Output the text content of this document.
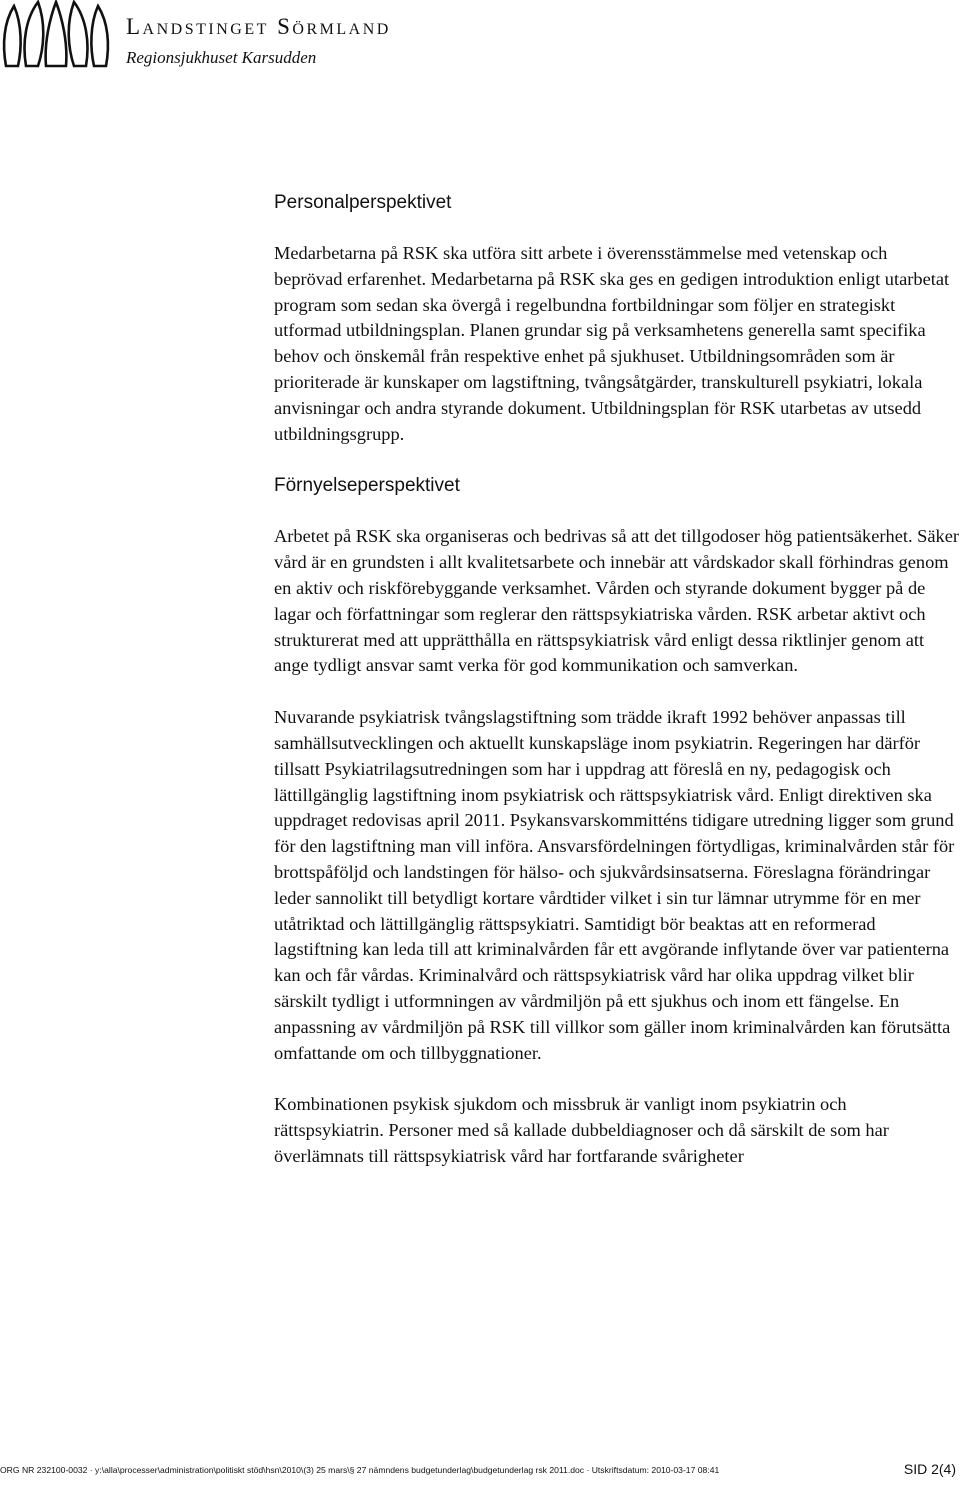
Landstinget Sörmland
Regionsjukhuset Karsudden
Personalperspektivet

Medarbetarna på RSK ska utföra sitt arbete i överensstämmelse med vetenskap och beprövad erfarenhet. Medarbetarna på RSK ska ges en gedigen introduktion enligt utarbetat program som sedan ska övergå i regelbundna fortbildningar som följer en strategiskt utformad utbildningsplan. Planen grundar sig på verksamhetens generella samt specifika behov och önskemål från respektive enhet på sjukhuset. Utbildningsområden som är prioriterade är kunskaper om lagstiftning, tvångsåtgärder, transkulturell psykiatri, lokala anvisningar och andra styrande dokument. Utbildningsplan för RSK utarbetas av utsedd utbildningsgrupp.

Förnyelseperspektivet

Arbetet på RSK ska organiseras och bedrivas så att det tillgodoser hög patientsäkerhet. Säker vård är en grundsten i allt kvalitetsarbete och innebär att vårdskador skall förhindras genom en aktiv och riskförebyggande verksamhet. Vården och styrande dokument bygger på de lagar och författningar som reglerar den rättspsykiatriska vården. RSK arbetar aktivt och strukturerat med att upprätthålla en rättspsykiatrisk vård enligt dessa riktlinjer genom att ange tydligt ansvar samt verka för god kommunikation och samverkan.

Nuvarande psykiatrisk tvångslagstiftning som trädde ikraft 1992 behöver anpassas till samhällsutvecklingen och aktuellt kunskapsläge inom psykiatrin. Regeringen har därför tillsatt Psykiatrilagsutredningen som har i uppdrag att föreslå en ny, pedagogisk och lättillgänglig lagstiftning inom psykiatrisk och rättspsykiatrisk vård. Enligt direktiven ska uppdraget redovisas april 2011. Psykansvarskommitténs tidigare utredning ligger som grund för den lagstiftning man vill införa. Ansvarsfördelningen förtydligas, kriminalvården står för brottspåföljd och landstingen för hälso- och sjukvårdsinsatserna. Föreslagna förändringar leder sannolikt till betydligt kortare vårdtider vilket i sin tur lämnar utrymme för en mer utåtriktad och lättillgänglig rättspsykiatri. Samtidigt bör beaktas att en reformerad lagstiftning kan leda till att kriminalvården får ett avgörande inflytande över var patienterna kan och får vårdas. Kriminalvård och rättspsykiatrisk vård har olika uppdrag vilket blir särskilt tydligt i utformningen av vårdmiljön på ett sjukhus och inom ett fängelse. En anpassning av vårdmiljön på RSK till villkor som gäller inom kriminalvården kan förutsätta omfattande om och tillbyggnationer.

Kombinationen psykisk sjukdom och missbruk är vanligt inom psykiatrin och rättspsykiatrin. Personer med så kallade dubbeldiagnoser och då särskilt de som har överlämnats till rättspsykiatrisk vård har fortfarande svårigheter

ORG NR 232100-0032 · y:\alla\processer\administration\politiskt stöd\hsn\2010\(3) 25 mars\§ 27 nämndens budgetunderlag\budgetunderlag rsk 2011.doc · Utskriftsdatum: 2010-03-17 08:41	SID 2(4)
